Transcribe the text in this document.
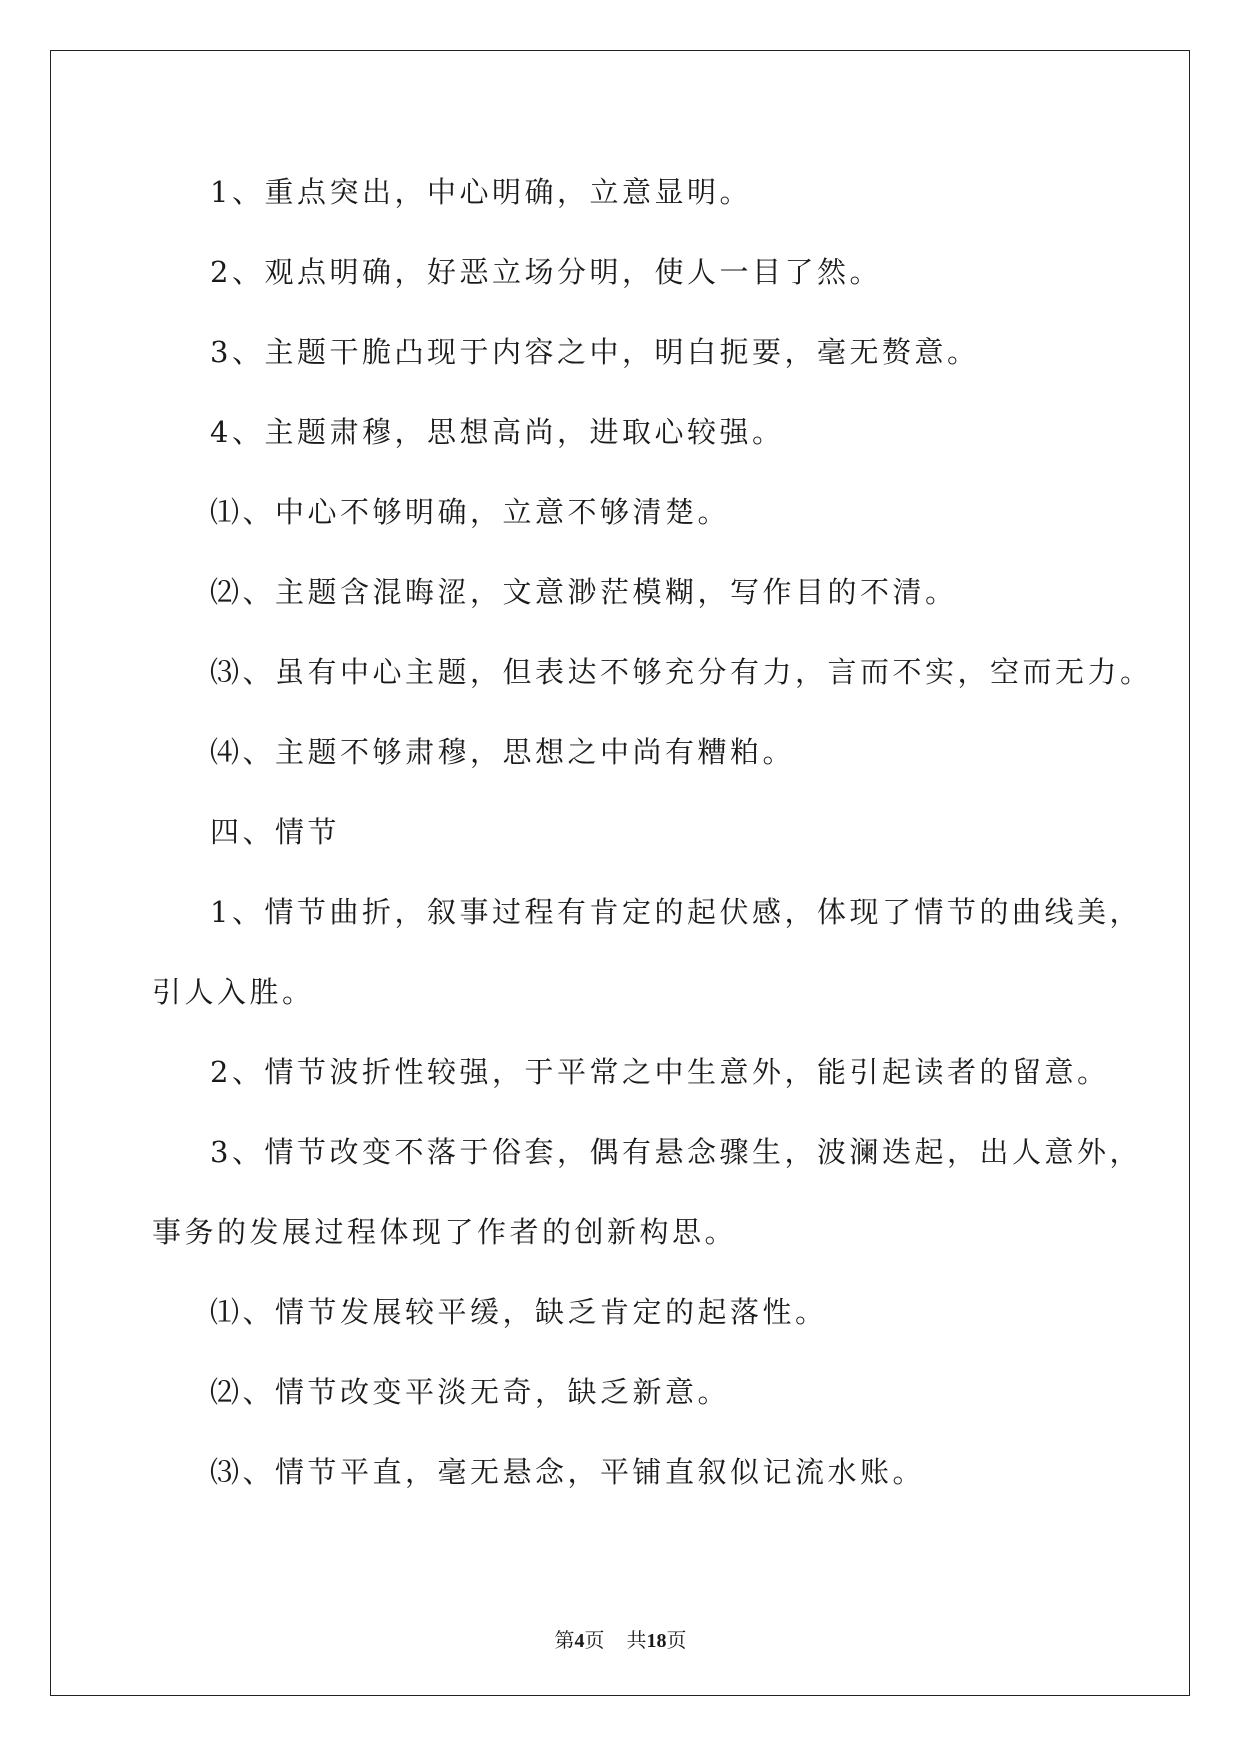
1、重点突出，中心明确，立意显明。
2、观点明确，好恶立场分明，使人一目了然。
3、主题干脆凸现于内容之中，明白扼要，毫无赘意。
4、主题肃穆，思想高尚，进取心较强。
⑴、中心不够明确，立意不够清楚。
⑵、主题含混晦涩，文意渺茫模糊，写作目的不清。
⑶、虽有中心主题，但表达不够充分有力，言而不实，空而无力。
⑷、主题不够肃穆，思想之中尚有糟粕。
四、情节
1、情节曲折，叙事过程有肯定的起伏感，体现了情节的曲线美，
引人入胜。
2、情节波折性较强，于平常之中生意外，能引起读者的留意。
3、情节改变不落于俗套，偶有悬念骤生，波澜迭起，出人意外，
事务的发展过程体现了作者的创新构思。
⑴、情节发展较平缓，缺乏肯定的起落性。
⑵、情节改变平淡无奇，缺乏新意。
⑶、情节平直，毫无悬念，平铺直叙似记流水账。
第4页 共18页
